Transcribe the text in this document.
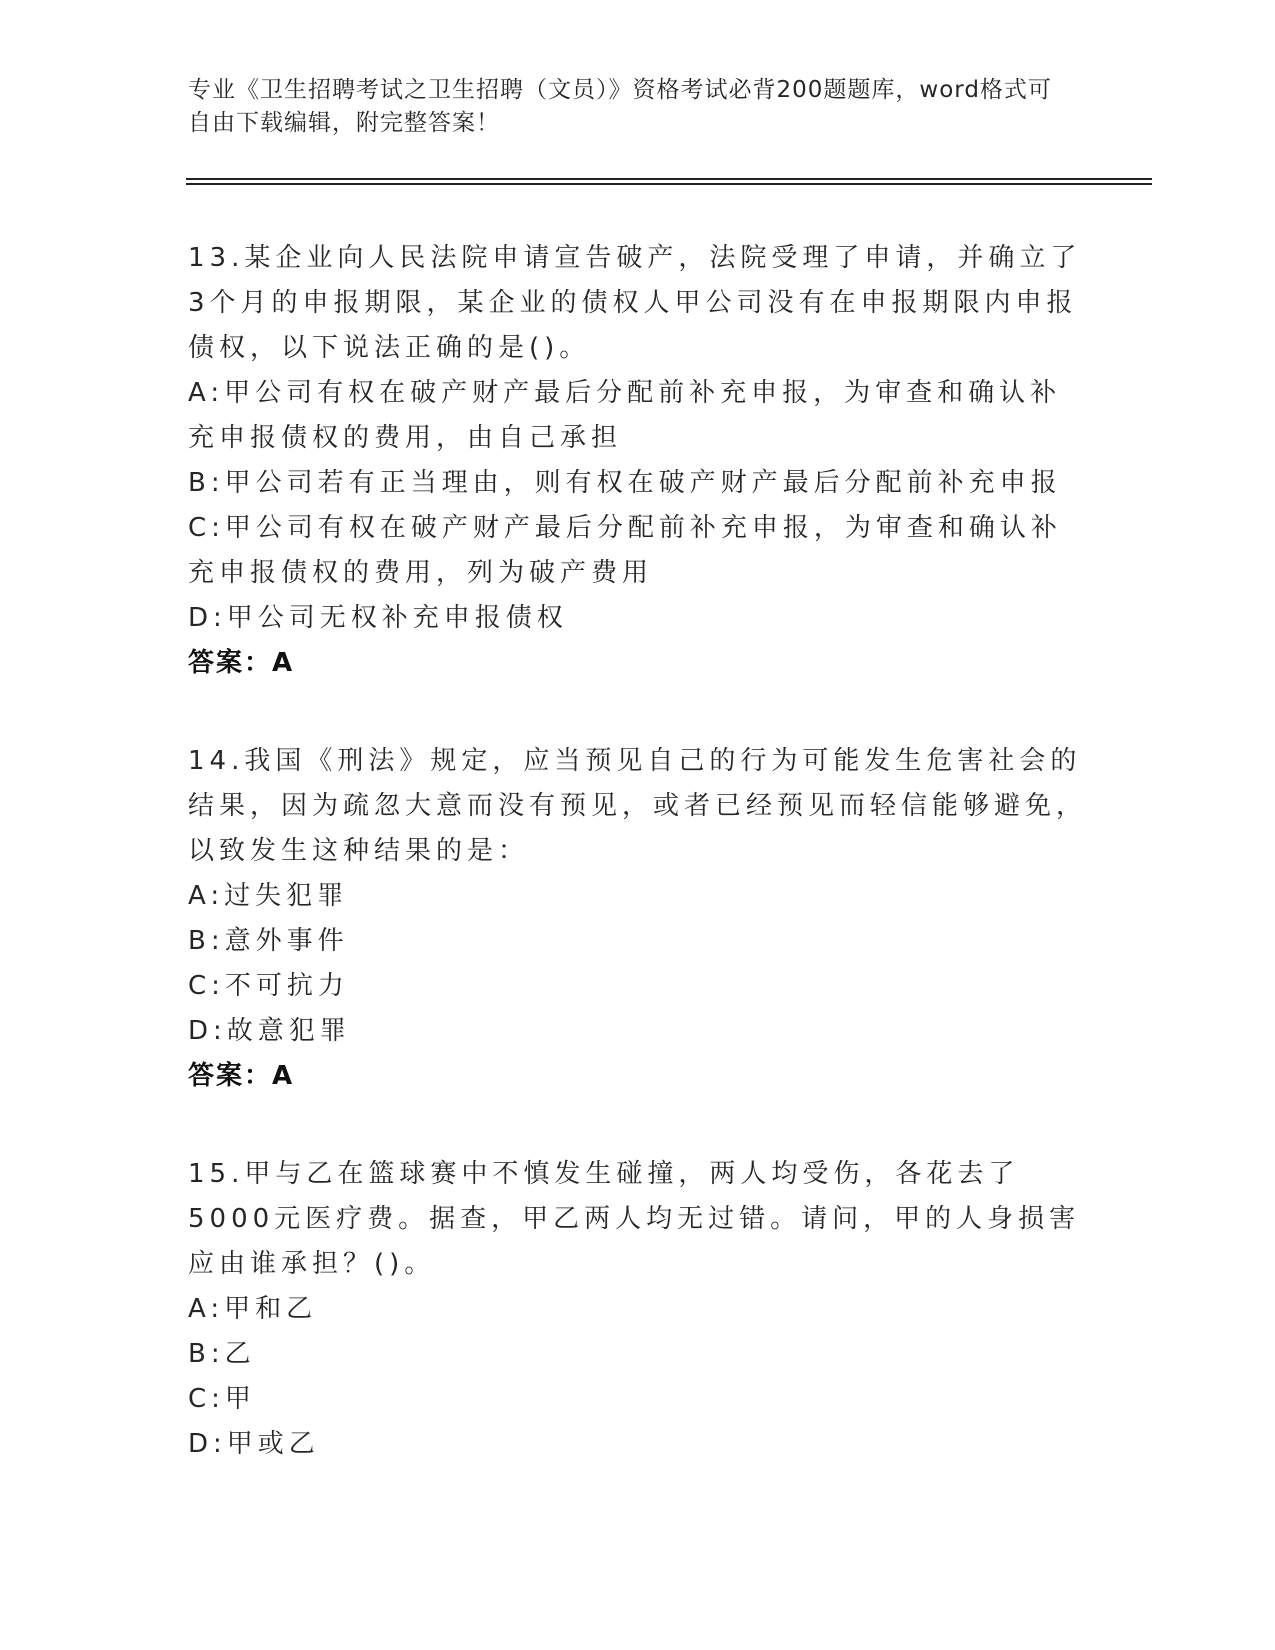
专业《卫生招聘考试之卫生招聘（文员）》资格考试必背200题题库，word格式可自由下载编辑，附完整答案！
13.某企业向人民法院申请宣告破产，法院受理了申请，并确立了3个月的申报期限，某企业的债权人甲公司没有在申报期限内申报债权，以下说法正确的是()。
A:甲公司有权在破产财产最后分配前补充申报，为审查和确认补充申报债权的费用，由自己承担
B:甲公司若有正当理由，则有权在破产财产最后分配前补充申报
C:甲公司有权在破产财产最后分配前补充申报，为审查和确认补充申报债权的费用，列为破产费用
D:甲公司无权补充申报债权
答案：A
14.我国《刑法》规定，应当预见自己的行为可能发生危害社会的结果，因为疏忽大意而没有预见，或者已经预见而轻信能够避免，以致发生这种结果的是：
A:过失犯罪
B:意外事件
C:不可抗力
D:故意犯罪
答案：A
15.甲与乙在篮球赛中不慎发生碰撞，两人均受伤，各花去了5000元医疗费。据查，甲乙两人均无过错。请问，甲的人身损害应由谁承担？()。
A:甲和乙
B:乙
C:甲
D:甲或乙
